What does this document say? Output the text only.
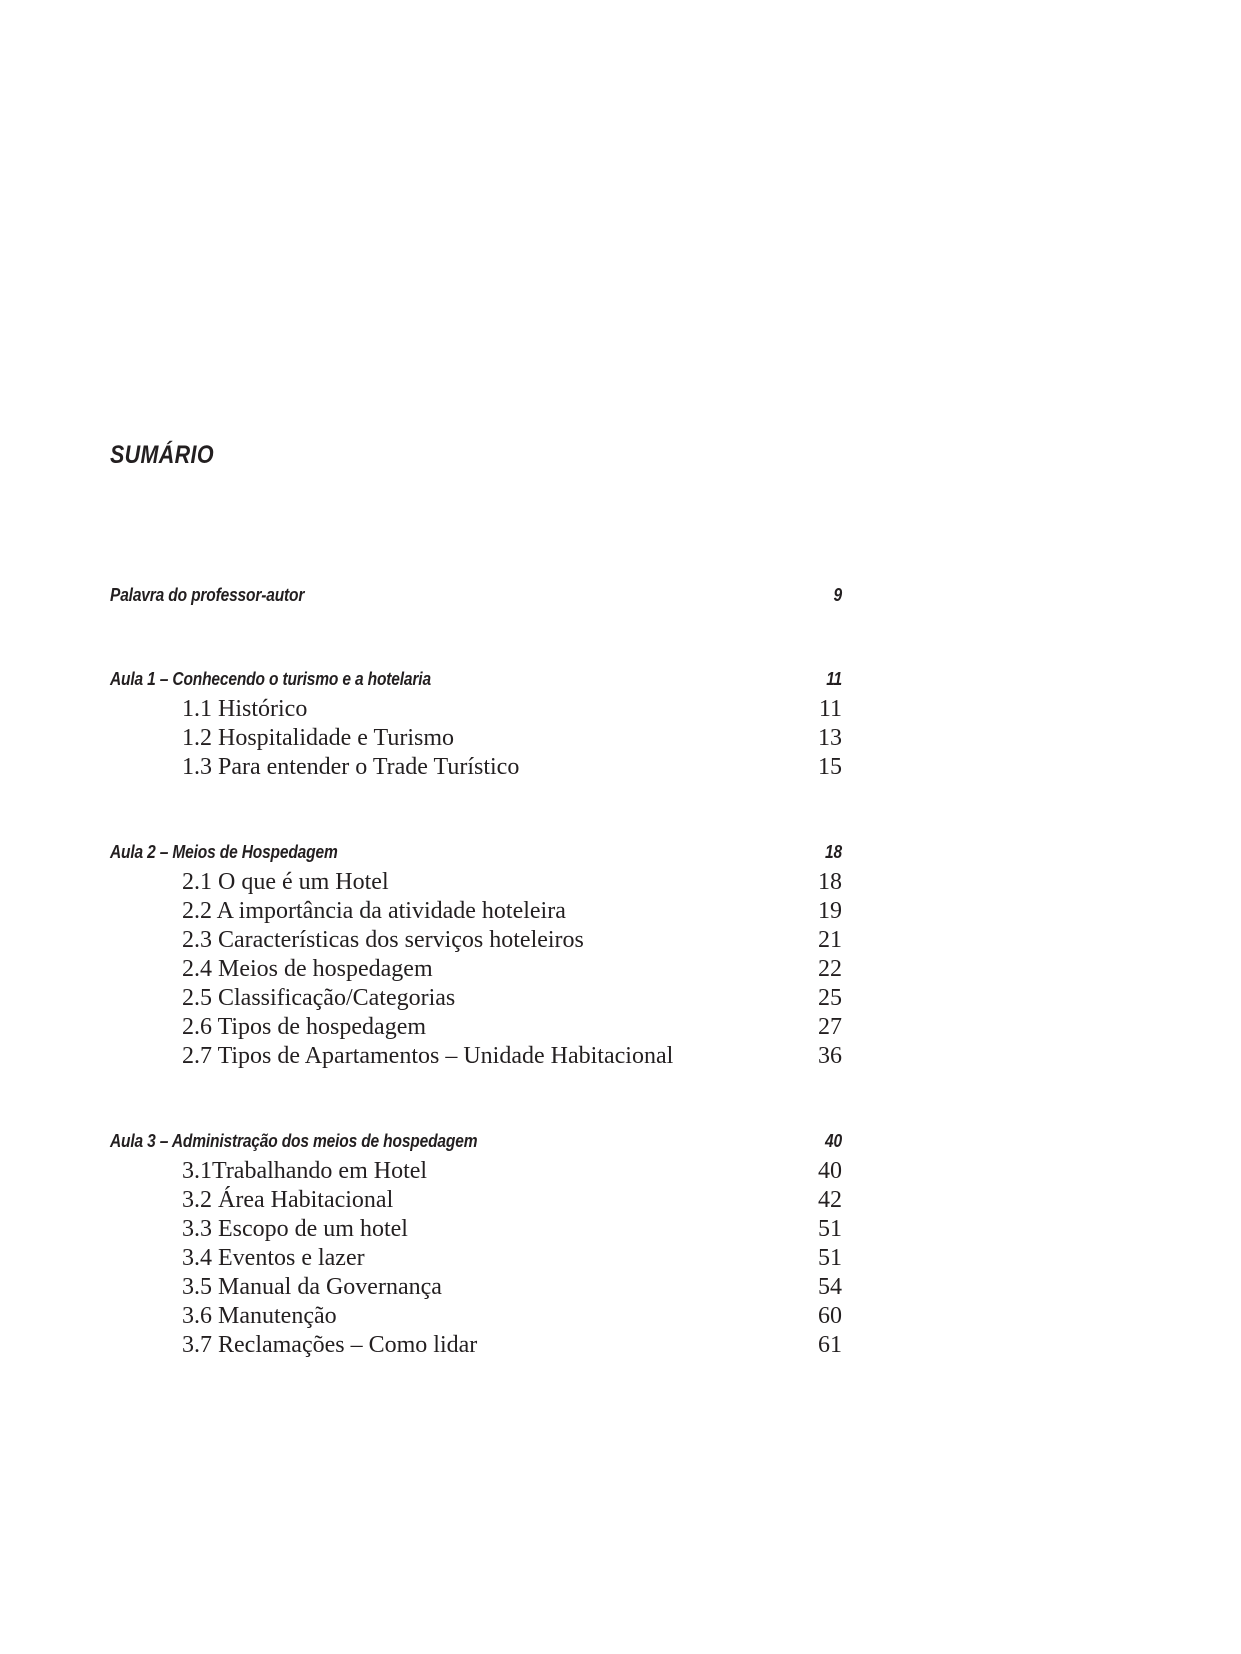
SUMÁRIO
Palavra do professor-autor	9
Aula 1 – Conhecendo o turismo e a hotelaria	11
1.1 Histórico	11
1.2 Hospitalidade e Turismo	13
1.3 Para entender o Trade Turístico	15
Aula 2 – Meios de Hospedagem	18
2.1 O que é um Hotel	18
2.2 A importância da atividade hoteleira	19
2.3 Características dos serviços hoteleiros	21
2.4 Meios de hospedagem	22
2.5 Classificação/Categorias	25
2.6 Tipos de hospedagem	27
2.7 Tipos de Apartamentos – Unidade Habitacional	36
Aula 3 – Administração dos meios de hospedagem	40
3.1Trabalhando em Hotel	40
3.2 Área Habitacional	42
3.3 Escopo de um hotel	51
3.4 Eventos e lazer	51
3.5 Manual da Governança	54
3.6 Manutenção	60
3.7 Reclamações – Como lidar	61
